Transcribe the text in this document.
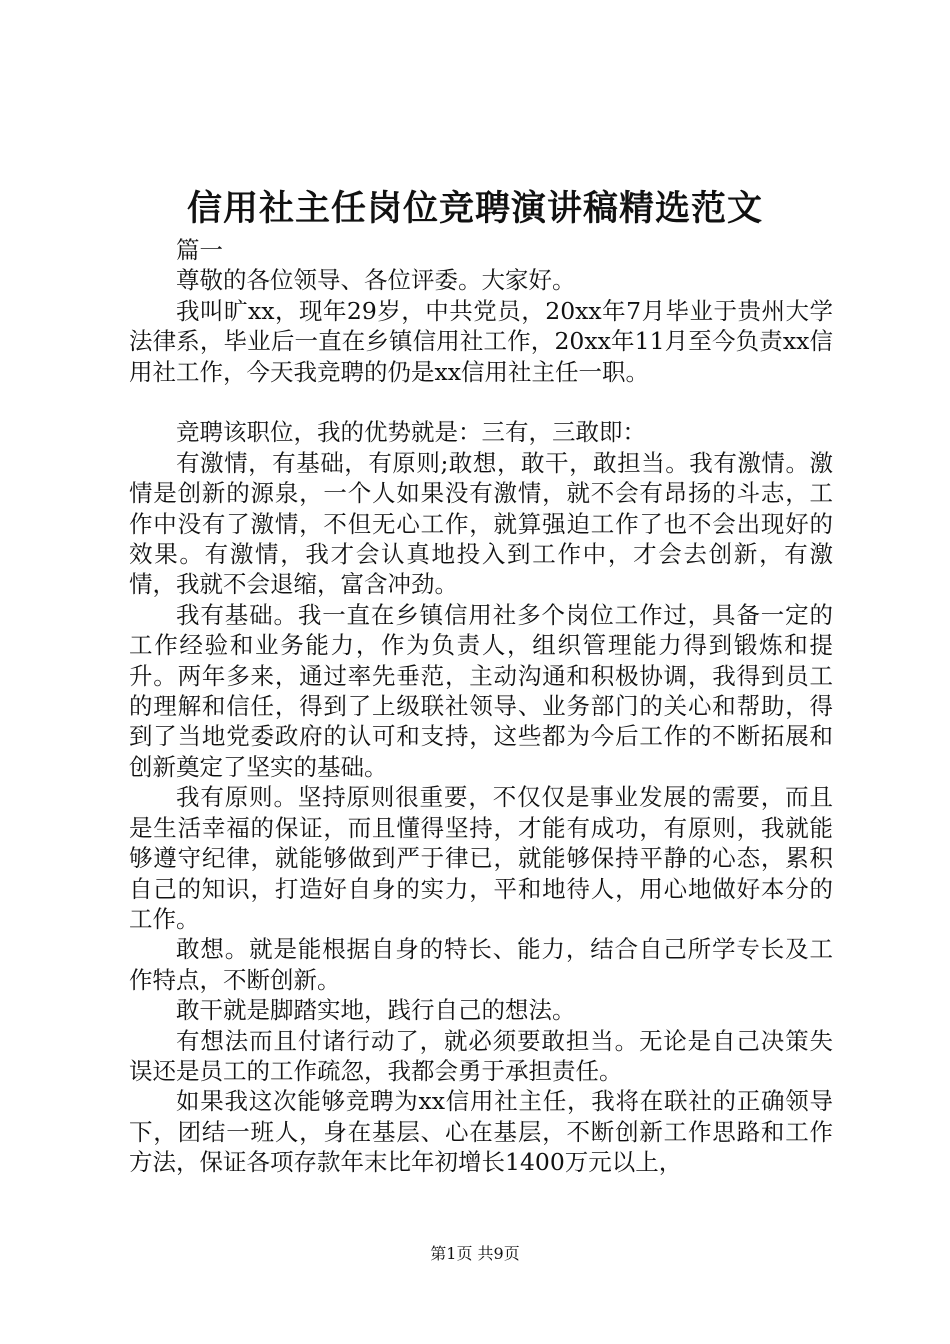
信用社主任岗位竞聘演讲稿精选范文

篇一

尊敬的各位领导、各位评委。大家好。

我叫旷xx，现年29岁，中共党员，20xx年7月毕业于贵州大学法律系，毕业后一直在乡镇信用社工作，20xx年11月至今负责xx信用社工作，今天我竞聘的仍是xx信用社主任一职。

竞聘该职位，我的优势就是：三有，三敢即：

有激情，有基础，有原则;敢想，敢干，敢担当。我有激情。激情是创新的源泉，一个人如果没有激情，就不会有昂扬的斗志，工作中没有了激情，不但无心工作，就算强迫工作了也不会出现好的效果。有激情，我才会认真地投入到工作中，才会去创新，有激情，我就不会退缩，富含冲劲。

我有基础。我一直在乡镇信用社多个岗位工作过，具备一定的工作经验和业务能力，作为负责人，组织管理能力得到锻炼和提升。两年多来，通过率先垂范，主动沟通和积极协调，我得到员工的理解和信任，得到了上级联社领导、业务部门的关心和帮助，得到了当地党委政府的认可和支持，这些都为今后工作的不断拓展和创新奠定了坚实的基础。

我有原则。坚持原则很重要，不仅仅是事业发展的需要，而且是生活幸福的保证，而且懂得坚持，才能有成功，有原则，我就能够遵守纪律，就能够做到严于律已，就能够保持平静的心态，累积自己的知识，打造好自身的实力，平和地待人，用心地做好本分的工作。

敢想。就是能根据自身的特长、能力，结合自己所学专长及工作特点，不断创新。

敢干就是脚踏实地，践行自己的想法。

有想法而且付诸行动了，就必须要敢担当。无论是自己决策失误还是员工的工作疏忽，我都会勇于承担责任。

如果我这次能够竞聘为xx信用社主任，我将在联社的正确领导下，团结一班人，身在基层、心在基层，不断创新工作思路和工作方法，保证各项存款年末比年初增长1400万元以上，

第1页 共9页
